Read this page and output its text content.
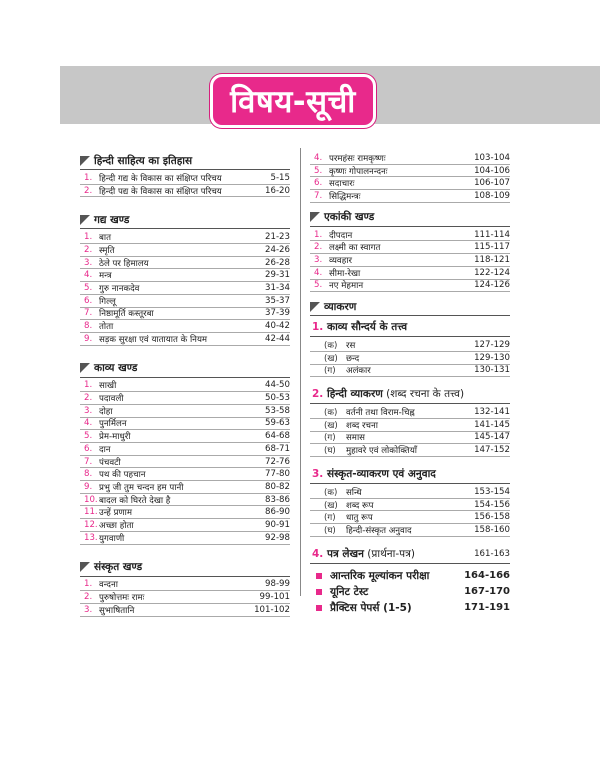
विषय-सूची
हिन्दी साहित्य का इतिहास
1. हिन्दी गद्य के विकास का संक्षिप्त परिचय	5-15
2. हिन्दी पद्य के विकास का संक्षिप्त परिचय	16-20
गद्य खण्ड
1. बात	21-23
2. स्मृति	24-26
3. ठेले पर हिमालय	26-28
4. मन्त्र	29-31
5. गुरु नानकदेव	31-34
6. गिल्लू	35-37
7. निष्ठामूर्ति कस्तूरबा	37-39
8. तोता	40-42
9. सड़क सुरक्षा एवं यातायात के नियम	42-44
काव्य खण्ड
1. साखी	44-50
2. पदावली	50-53
3. दोहा	53-58
4. पुनर्मिलन	59-63
5. प्रेम-माधुरी	64-68
6. दान	68-71
7. पंचवटी	72-76
8. पथ की पहचान	77-80
9. प्रभु जी तुम चन्दन हम पानी	80-82
10. बादल को घिरते देखा है	83-86
11. उन्हें प्रणाम	86-90
12. अच्छा होता	90-91
13. युगवाणी	92-98
संस्कृत खण्ड
1. वन्दना	98-99
2. पुरुषोत्तमः रामः	99-101
3. सुभाषितानि	101-102
4. परमहंसः रामकृष्णः	103-104
5. कृष्णः गोपालनन्दनः	104-106
6. सदाचारः	106-107
7. सिद्धिमन्त्रः	108-109
एकांकी खण्ड
1. दीपदान	111-114
2. लक्ष्मी का स्वागत	115-117
3. व्यवहार	118-121
4. सीमा-रेखा	122-124
5. नए मेहमान	124-126
व्याकरण
1. काव्य सौन्दर्य के तत्त्व
(क)	रस	127-129
(ख) छन्द	129-130
(ग)	अलंकार	130-131
2. हिन्दी व्याकरण (शब्द रचना के तत्त्व)
(क)	वर्तनी तथा विराम-चिह्न	132-141
(ख) शब्द रचना	141-145
(ग)	समास	145-147
(घ)	मुहावरे एवं लोकोक्तियाँ	147-152
3. संस्कृत-व्याकरण एवं अनुवाद
(क)	सन्धि	153-154
(ख) शब्द रूप	154-156
(ग)	धातु रूप	156-158
(घ)	हिन्दी-संस्कृत अनुवाद	158-160
4. पत्र लेखन (प्रार्थना-पत्र)	161-163
आन्तरिक मूल्यांकन परीक्षा	164-166
यूनिट टेस्ट	167-170
प्रैक्टिस पेपर्स (1-5)	171-191
